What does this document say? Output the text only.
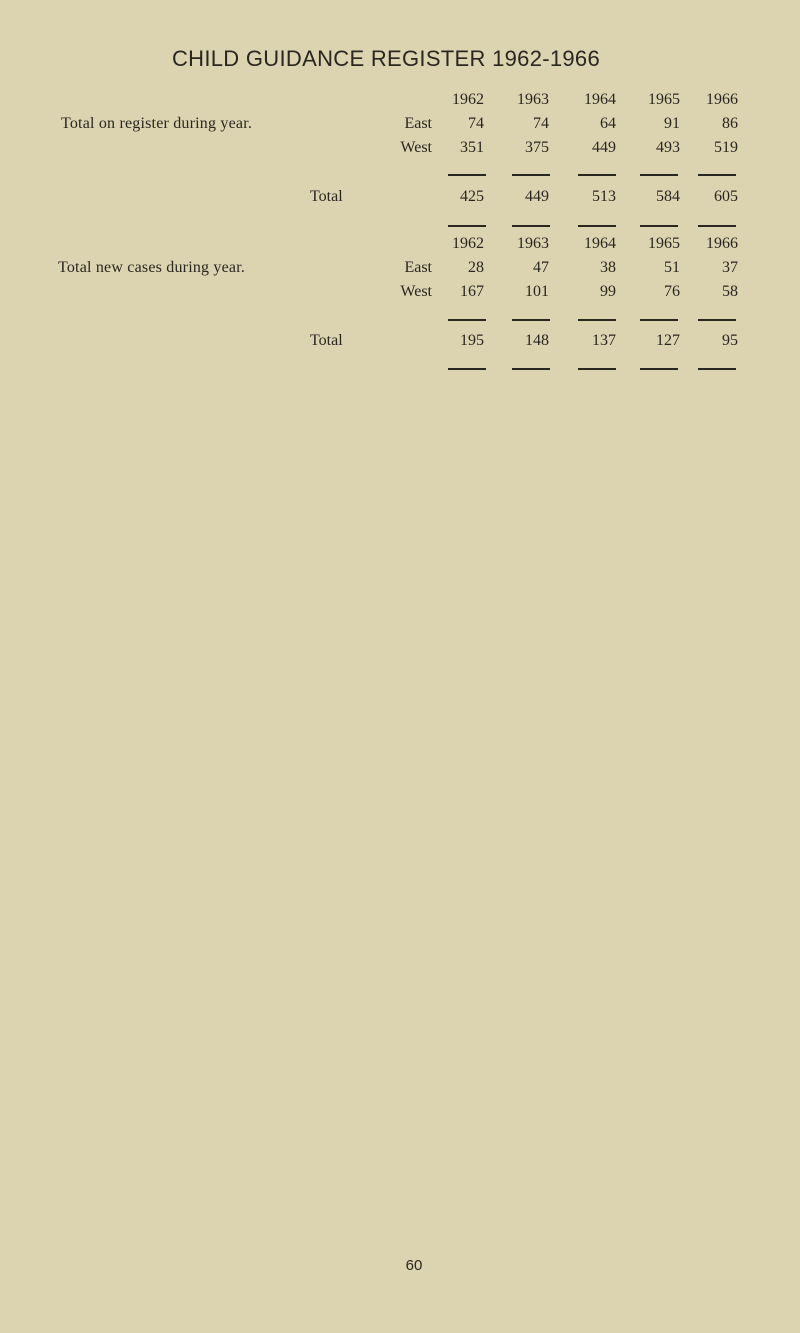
CHILD GUIDANCE REGISTER 1962-1966
1962	1963	1964	1965	1966
Total on register during year.	East	74	74	64	91	86
West	351	375	449	493	519
Total	425	449	513	584	605
1962	1963	1964	1965	1966
Total new cases during year.	East	28	47	38	51	37
West	167	101	99	76	58
Total	195	148	137	127	95
60
